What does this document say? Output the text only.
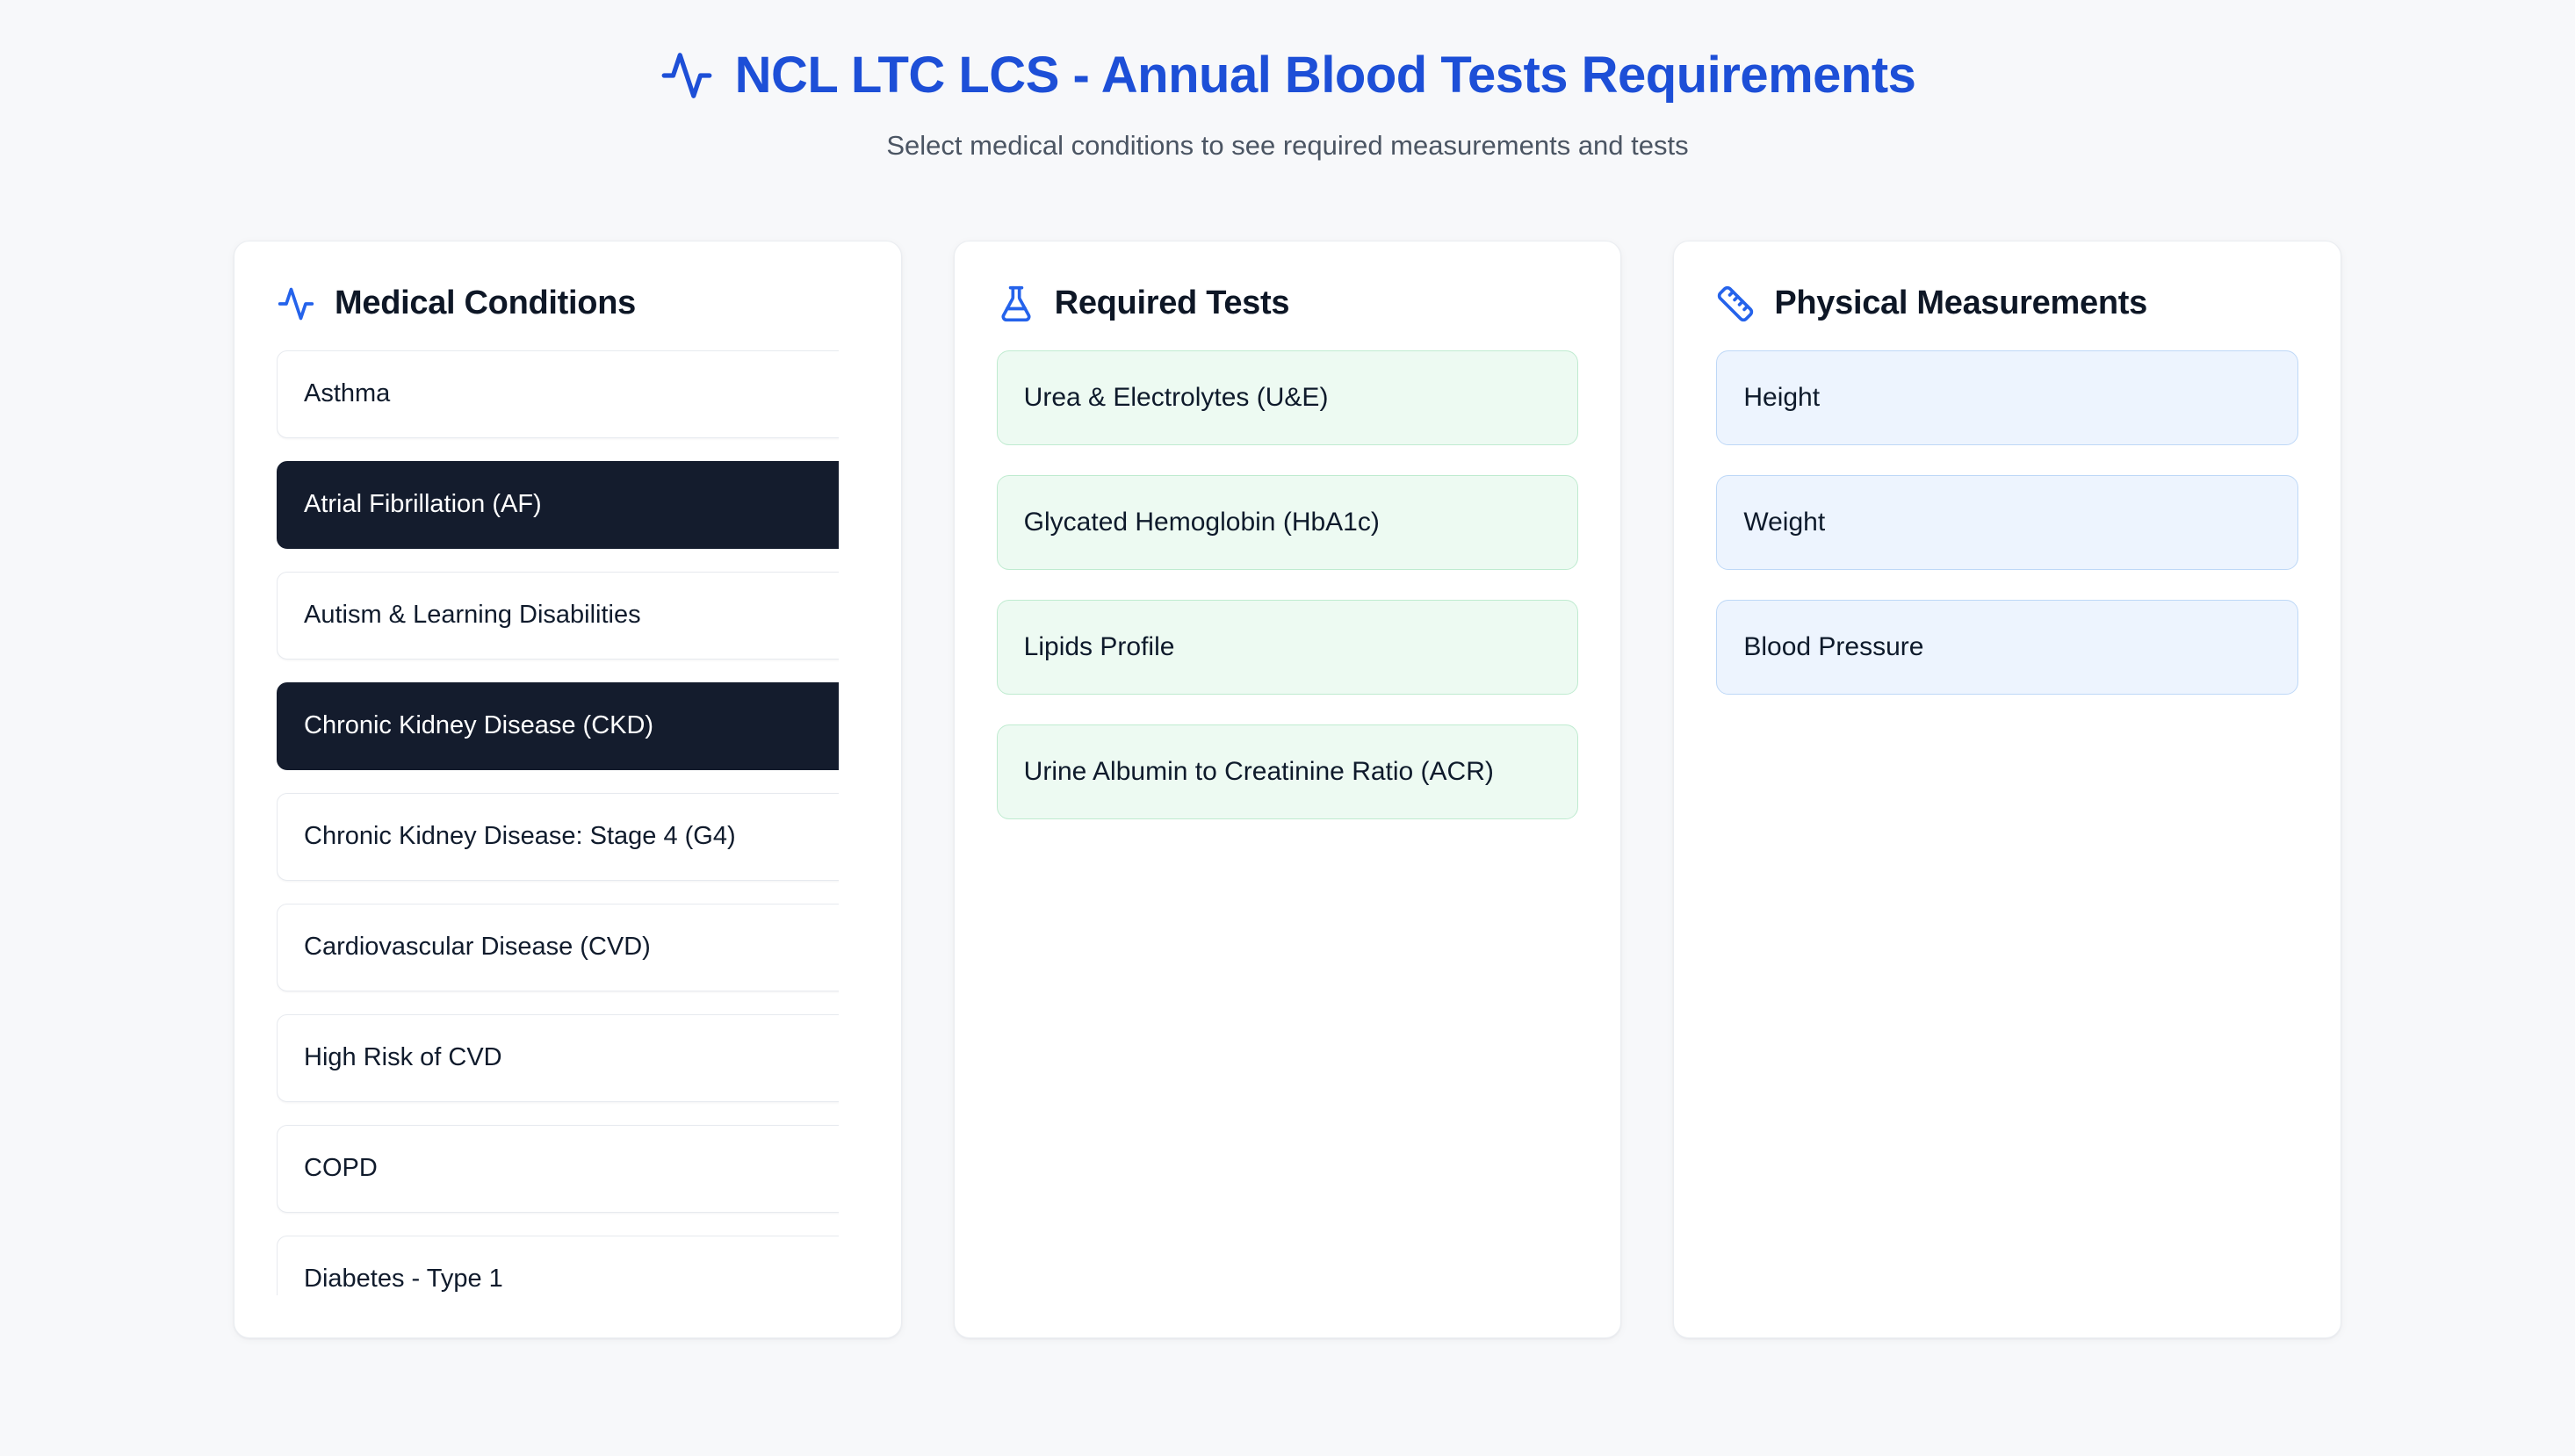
NCL LTC LCS - Annual Blood Tests Requirements

Select medical conditions to see required measurements and tests

Medical Conditions
Asthma
Atrial Fibrillation (AF)
Autism & Learning Disabilities
Chronic Kidney Disease (CKD)
Chronic Kidney Disease: Stage 4 (G4)
Cardiovascular Disease (CVD)
High Risk of CVD
COPD
Diabetes - Type 1
Required Tests
Urea & Electrolytes (U&E)
Glycated Hemoglobin (HbA1c)
Lipids Profile
Urine Albumin to Creatinine Ratio (ACR)
Physical Measurements
Height
Weight
Blood Pressure
